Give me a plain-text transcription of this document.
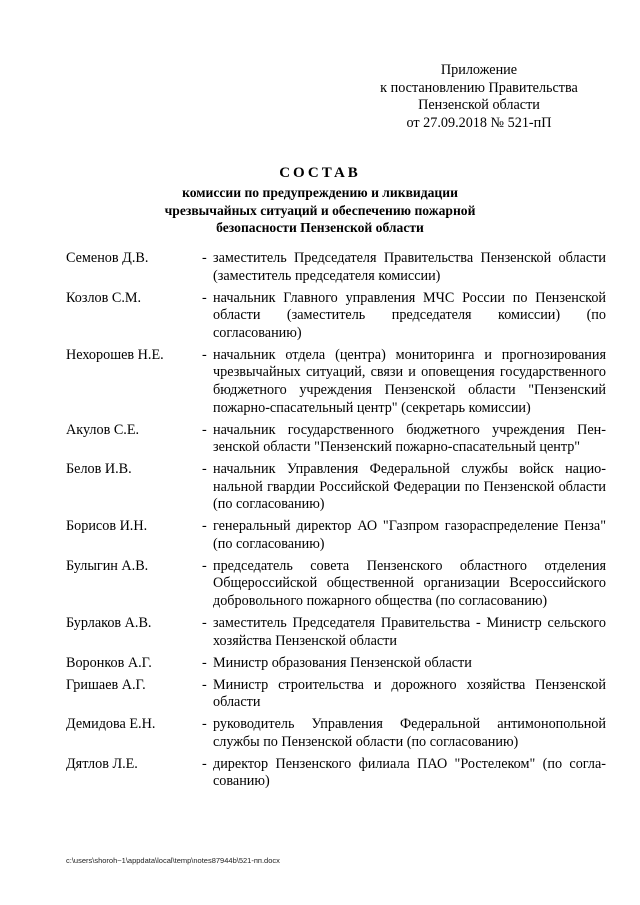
Приложение
к постановлению Правительства
Пензенской области
от 27.09.2018 № 521-пП
СОСТАВ
комиссии по предупреждению и ликвидации
чрезвычайных ситуаций и обеспечению пожарной
безопасности Пензенской области
Семенов Д.В.	- заместитель Председателя Правительства Пензенской области (заместитель председателя комиссии)
Козлов С.М.	- начальник Главного управления МЧС России по Пензенской области (заместитель председателя комиссии) (по согласованию)
Нехорошев Н.Е.	- начальник отдела (центра) мониторинга и прогнозирования чрезвычайных ситуаций, связи и оповещения государственного бюджетного учреждения Пензенской области "Пензенский пожарно-спасательный центр" (секретарь комиссии)
Акулов С.Е.	- начальник государственного бюджетного учреждения Пензенской области "Пензенский пожарно-спасательный центр"
Белов И.В.	- начальник Управления Федеральной службы войск национальной гвардии Российской Федерации по Пензенской области (по согласованию)
Борисов И.Н.	- генеральный директор АО "Газпром газораспределение Пенза" (по согласованию)
Булыгин А.В.	- председатель совета Пензенского областного отделения Общероссийской общественной организации Всероссийского добровольного пожарного общества (по согласованию)
Бурлаков А.В.	- заместитель Председателя Правительства - Министр сельского хозяйства Пензенской области
Воронков А.Г.	- Министр образования Пензенской области
Гришаев А.Г.	- Министр строительства и дорожного хозяйства Пензенской области
Демидова Е.Н.	- руководитель Управления Федеральной антимонопольной службы по Пензенской области (по согласованию)
Дятлов Л.Е.	- директор Пензенского филиала ПАО "Ростелеком" (по согласованию)
c:\users\shoroh~1\appdata\local\temp\notes87944b\521-пп.docx
